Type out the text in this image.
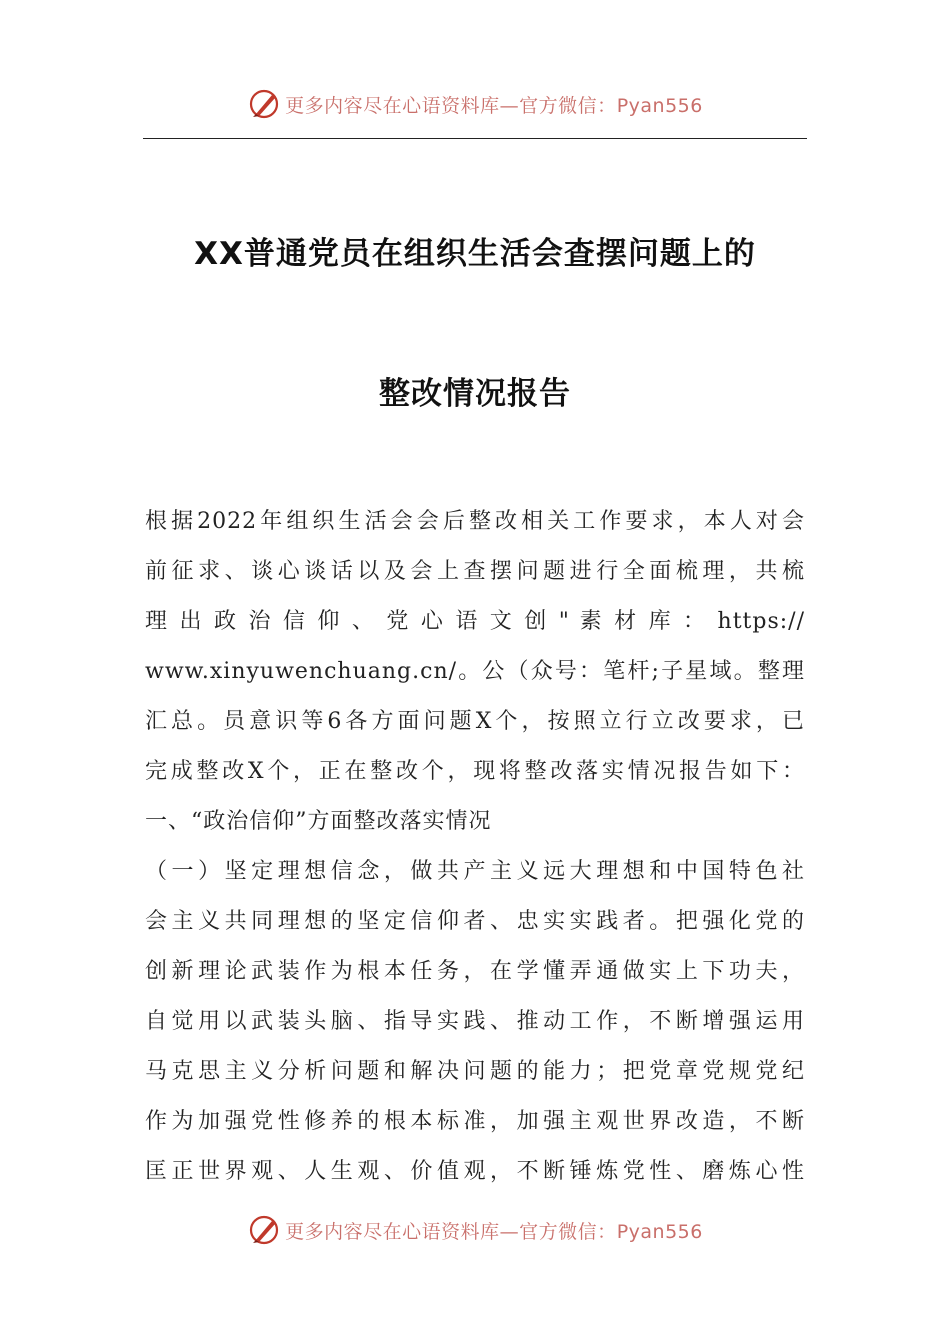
更多内容尽在心语资料库—官方微信：Pyan556
XX普通党员在组织生活会查摆问题上的
整改情况报告
根据2022年组织生活会会后整改相关工作要求，本人对会
前征求、谈心谈话以及会上查摆问题进行全面梳理，共梳
理 出 政 治 信 仰 、 党 心 语 文 创 " 素 材 库 ： https://
www.xinyuwenchuang.cn/。公（众号：笔杆;子星域。整理
汇总。员意识等6各方面问题X个，按照立行立改要求，已
完成整改X个，正在整改个，现将整改落实情况报告如下：
一、“政治信仰”方面整改落实情况
（一）坚定理想信念，做共产主义远大理想和中国特色社
会主义共同理想的坚定信仰者、忠实实践者。把强化党的
创新理论武装作为根本任务，在学懂弄通做实上下功夫，
自觉用以武装头脑、指导实践、推动工作，不断增强运用
马克思主义分析问题和解决问题的能力；把党章党规党纪
作为加强党性修养的根本标准，加强主观世界改造，不断
匡正世界观、人生观、价值观，不断锤炼党性、磨炼心性
更多内容尽在心语资料库—官方微信：Pyan556
